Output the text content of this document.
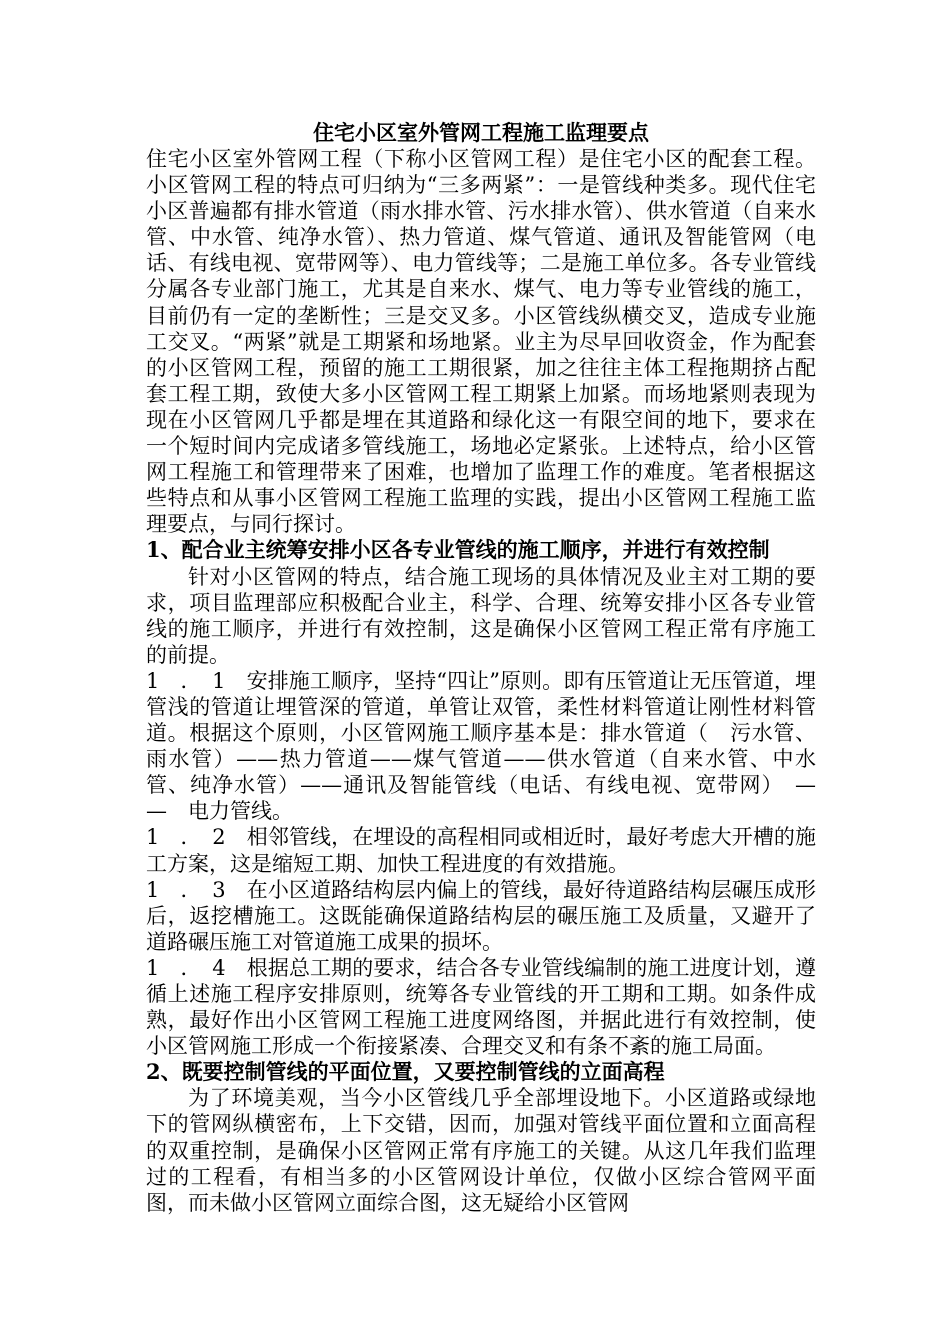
住宅小区室外管网工程施工监理要点

住宅小区室外管网工程（下称小区管网工程）是住宅小区的配套工程。小区管网工程的特点可归纳为“三多两紧”：一是管线种类多。现代住宅小区普遍都有排水管道（雨水排水管、污水排水管）、供水管道（自来水管、中水管、纯净水管）、热力管道、煤气管道、通讯及智能管网（电话、有线电视、宽带网等）、电力管线等；二是施工单位多。各专业管线分属各专业部门施工，尤其是自来水、煤气、电力等专业管线的施工，目前仍有一定的垄断性；三是交叉多。小区管线纵横交叉，造成专业施工交叉。“两紧”就是工期紧和场地紧。业主为尽早回收资金，作为配套的小区管网工程，预留的施工工期很紧，加之往往主体工程拖期挤占配套工程工期，致使大多小区管网工程工期紧上加紧。而场地紧则表现为现在小区管网几乎都是埋在其道路和绿化这一有限空间的地下，要求在一个短时间内完成诸多管线施工，场地必定紧张。上述特点，给小区管网工程施工和管理带来了困难，也增加了监理工作的难度。笔者根据这些特点和从事小区管网工程施工监理的实践，提出小区管网工程施工监理要点，与同行探讨。

1、配合业主统筹安排小区各专业管线的施工顺序，并进行有效控制

针对小区管网的特点，结合施工现场的具体情况及业主对工期的要求，项目监理部应积极配合业主，科学、合理、统筹安排小区各专业管线的施工顺序，并进行有效控制，这是确保小区管网工程正常有序施工的前提。

1　．　1　 安排施工顺序，坚持“四让”原则。即有压管道让无压管道，埋管浅的管道让埋管深的管道，单管让双管，柔性材料管道让刚性材料管道。根据这个原则，小区管网施工顺序基本是：排水管道（　污水管、雨水管）——热力管道——煤气管道——供水管道（自来水管、中水管、纯净水管）——通讯及智能管线（电话、有线电视、宽带网）　—　—　电力管线。

1　．　2　 相邻管线，在埋设的高程相同或相近时，最好考虑大开槽的施工方案，这是缩短工期、加快工程进度的有效措施。

1　．　3　 在小区道路结构层内偏上的管线，最好待道路结构层碾压成形后，返挖槽施工。这既能确保道路结构层的碾压施工及质量，又避开了道路碾压施工对管道施工成果的损坏。

1　．　4　 根据总工期的要求，结合各专业管线编制的施工进度计划，遵循上述施工程序安排原则，统筹各专业管线的开工期和工期。如条件成熟，最好作出小区管网工程施工进度网络图，并据此进行有效控制，使小区管网施工形成一个衔接紧凑、合理交叉和有条不紊的施工局面。

2、既要控制管线的平面位置，又要控制管线的立面高程

为了环境美观，当今小区管线几乎全部埋设地下。小区道路或绿地下的管网纵横密布，上下交错，因而，加强对管线平面位置和立面高程的双重控制，是确保小区管网正常有序施工的关键。从这几年我们监理过的工程看，有相当多的小区管网设计单位，仅做小区综合管网平面图，而未做小区管网立面综合图，这无疑给小区管网
